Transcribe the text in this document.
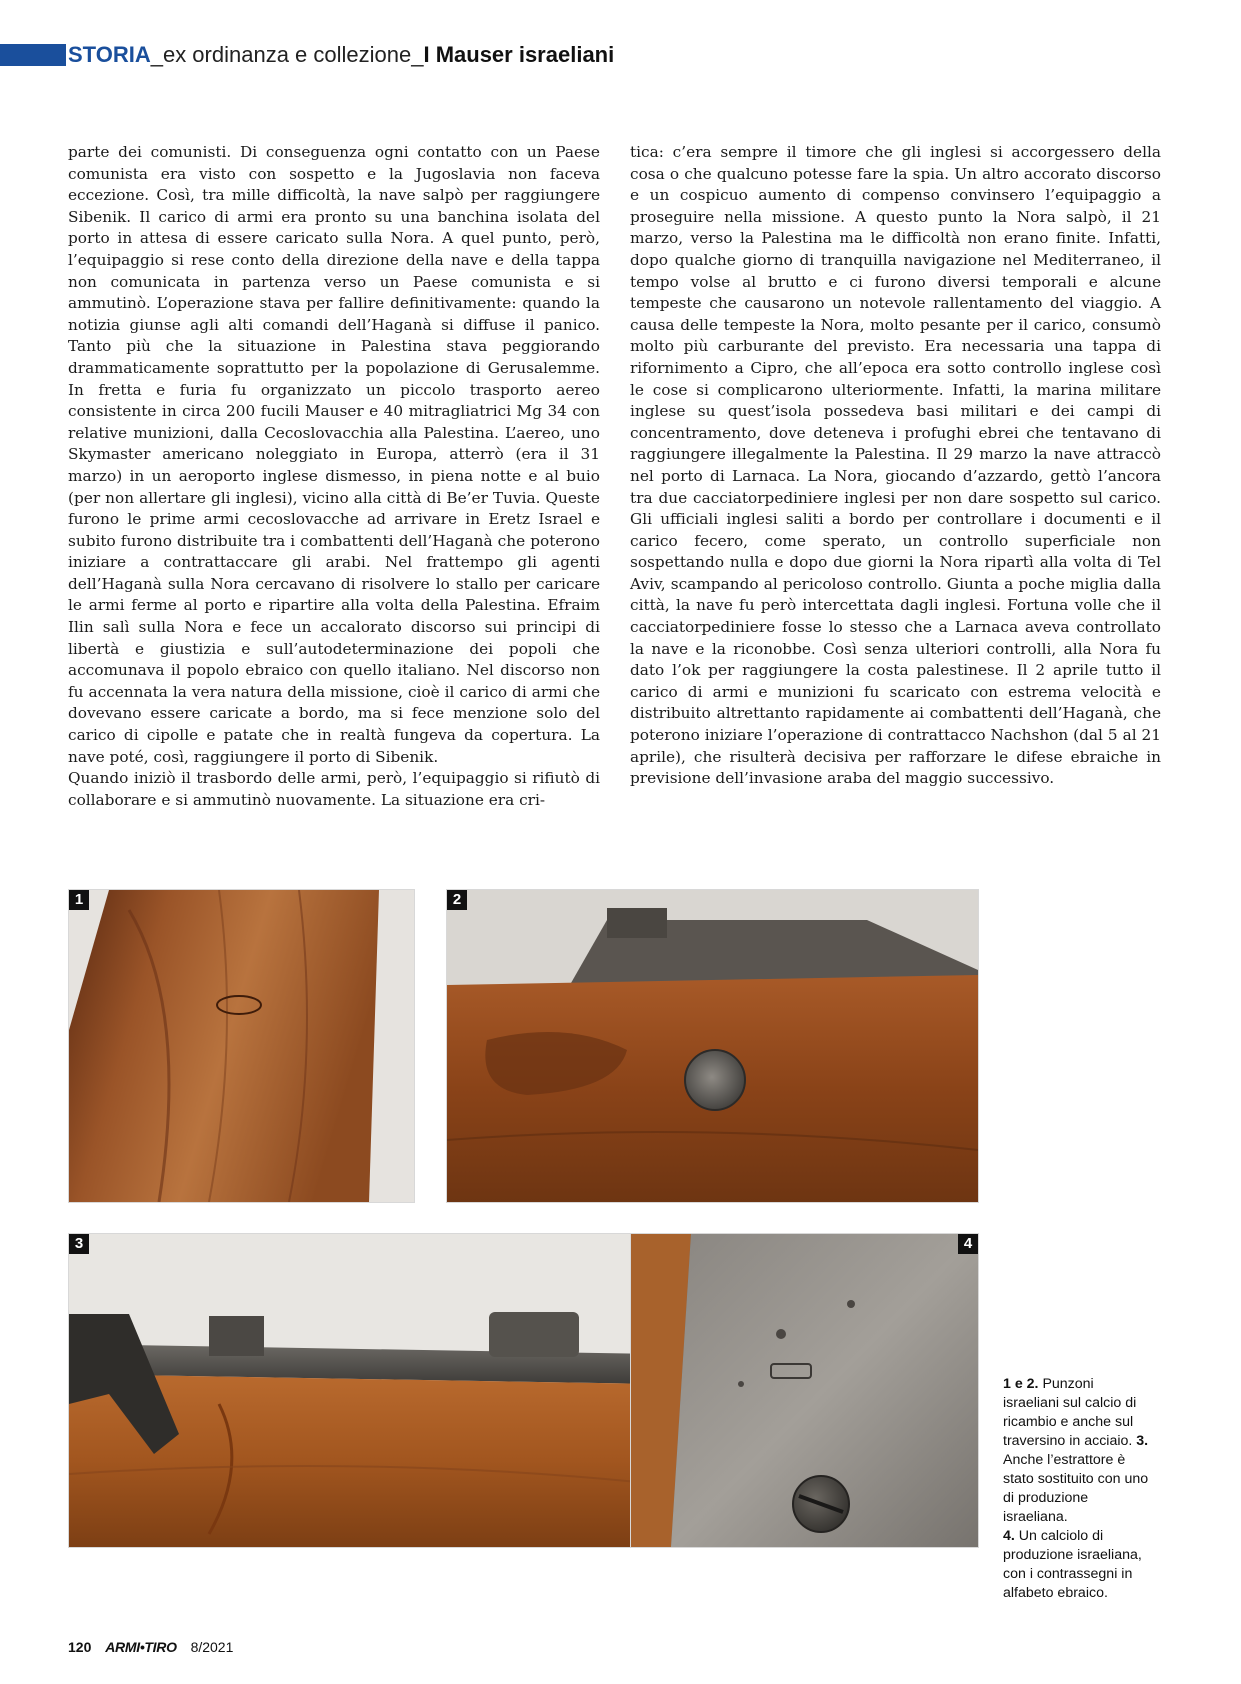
STORIA_ex ordinanza e collezione_I Mauser israeliani

parte dei comunisti. Di conseguenza ogni contatto con un Paese comunista era visto con sospetto e la Jugoslavia non faceva eccezione. Così, tra mille difficoltà, la nave salpò per raggiungere Sibenik. Il carico di armi era pronto su una banchina isolata del porto in attesa di essere caricato sulla Nora. A quel punto, però, l’equipaggio si rese conto della direzione della nave e della tappa non comunicata in partenza verso un Paese comunista e si ammutinò. L’operazione stava per fallire definitivamente: quando la notizia giunse agli alti comandi dell’Haganà si diffuse il panico. Tanto più che la situazione in Palestina stava peggiorando drammaticamente soprattutto per la popolazione di Gerusalemme. In fretta e furia fu organizzato un piccolo trasporto aereo consistente in circa 200 fucili Mauser e 40 mitragliatrici Mg 34 con relative munizioni, dalla Cecoslovacchia alla Palestina. L’aereo, uno Skymaster americano noleggiato in Europa, atterrò (era il 31 marzo) in un aeroporto inglese dismesso, in piena notte e al buio (per non allertare gli inglesi), vicino alla città di Be’er Tuvia. Queste furono le prime armi cecoslovacche ad arrivare in Eretz Israel e subito furono distribuite tra i combattenti dell’Haganà che poterono iniziare a contrattaccare gli arabi. Nel frattempo gli agenti dell’Haganà sulla Nora cercavano di risolvere lo stallo per caricare le armi ferme al porto e ripartire alla volta della Palestina. Efraim Ilin salì sulla Nora e fece un accalorato discorso sui principi di libertà e giustizia e sull’autodeterminazione dei popoli che accomunava il popolo ebraico con quello italiano. Nel discorso non fu accennata la vera natura della missione, cioè il carico di armi che dovevano essere caricate a bordo, ma si fece menzione solo del carico di cipolle e patate che in realtà fungeva da copertura. La nave poté, così, raggiungere il porto di Sibenik.

Quando iniziò il trasbordo delle armi, però, l’equipaggio si rifiutò di collaborare e si ammutinò nuovamente. La situazione era cri-

tica: c’era sempre il timore che gli inglesi si accorgessero della cosa o che qualcuno potesse fare la spia. Un altro accorato discorso e un cospicuo aumento di compenso convinsero l’equipaggio a proseguire nella missione. A questo punto la Nora salpò, il 21 marzo, verso la Palestina ma le difficoltà non erano finite. Infatti, dopo qualche giorno di tranquilla navigazione nel Mediterraneo, il tempo volse al brutto e ci furono diversi temporali e alcune tempeste che causarono un notevole rallentamento del viaggio. A causa delle tempeste la Nora, molto pesante per il carico, consumò molto più carburante del previsto. Era necessaria una tappa di rifornimento a Cipro, che all’epoca era sotto controllo inglese così le cose si complicarono ulteriormente. Infatti, la marina militare inglese su quest’isola possedeva basi militari e dei campi di concentramento, dove deteneva i profughi ebrei che tentavano di raggiungere illegalmente la Palestina. Il 29 marzo la nave attraccò nel porto di Larnaca. La Nora, giocando d’azzardo, gettò l’ancora tra due cacciatorpediniere inglesi per non dare sospetto sul carico. Gli ufficiali inglesi saliti a bordo per controllare i documenti e il carico fecero, come sperato, un controllo superficiale non sospettando nulla e dopo due giorni la Nora ripartì alla volta di Tel Aviv, scampando al pericoloso controllo. Giunta a poche miglia dalla città, la nave fu però intercettata dagli inglesi. Fortuna volle che il cacciatorpediniere fosse lo stesso che a Larnaca aveva controllato la nave e la riconobbe. Così senza ulteriori controlli, alla Nora fu dato l’ok per raggiungere la costa palestinese. Il 2 aprile tutto il carico di armi e munizioni fu scaricato con estrema velocità e distribuito altrettanto rapidamente ai combattenti dell’Haganà, che poterono iniziare l’operazione di contrattacco Nachshon (dal 5 al 21 aprile), che risulterà decisiva per rafforzare le difese ebraiche in previsione dell’invasione araba del maggio successivo.

1	2
3	4
1 e 2. Punzoni israeliani sul calcio di ricambio e anche sul traversino in acciaio. 3. Anche l’estrattore è stato sostituito con uno di produzione israeliana.
4. Un calciolo di produzione israeliana, con i contrassegni in alfabeto ebraico.
120 ARMI•TIRO 8/2021
